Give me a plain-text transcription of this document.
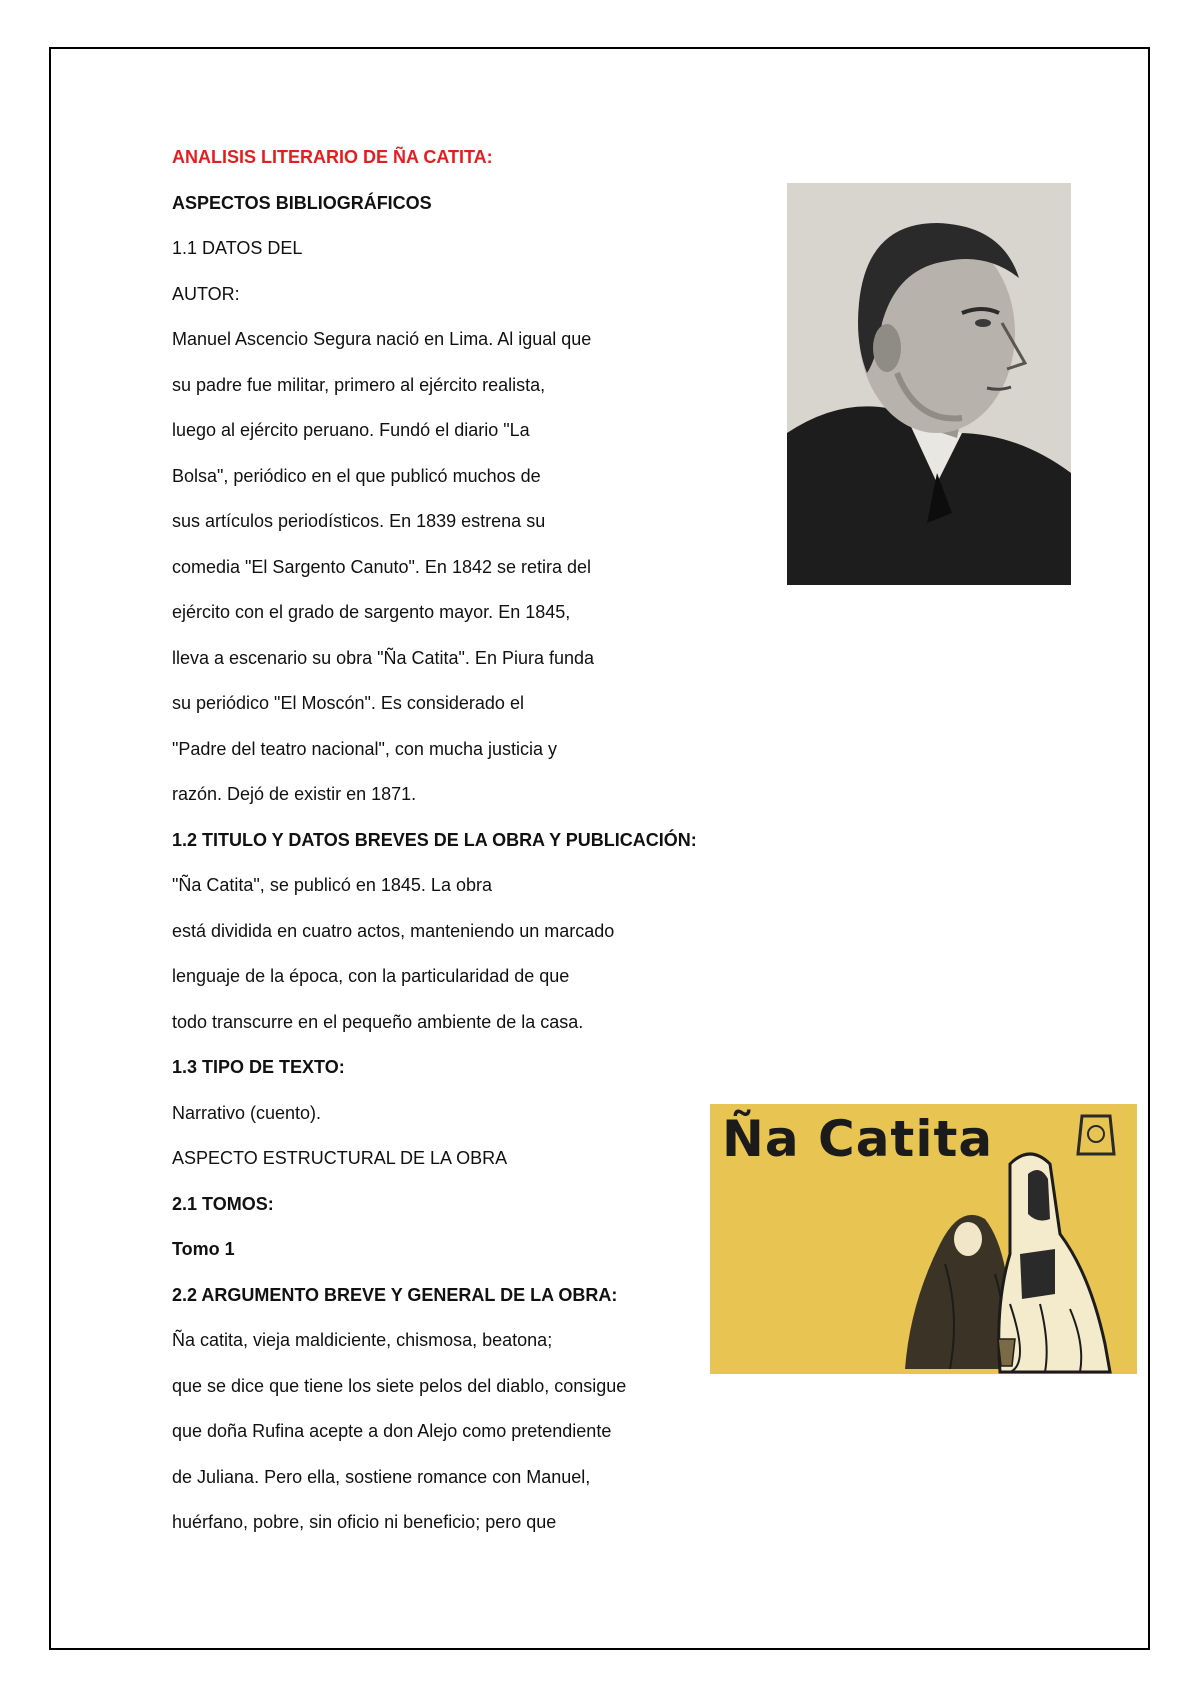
ANALISIS LITERARIO DE ÑA CATITA:
ASPECTOS BIBLIOGRÁFICOS
1.1 DATOS DEL
AUTOR:
Manuel Ascencio Segura nació en Lima. Al igual que
su padre fue militar, primero al ejército realista,
luego al ejército peruano. Fundó el diario "La
Bolsa", periódico en el que publicó muchos de
sus artículos periodísticos. En 1839 estrena su
comedia "El Sargento Canuto". En 1842 se retira del
ejército con el grado de sargento mayor. En 1845,
lleva a escenario su obra "Ña Catita". En Piura funda
su periódico "El Moscón". Es considerado el
"Padre del teatro nacional", con mucha justicia y
razón. Dejó de existir en 1871.
1.2 TITULO Y DATOS BREVES DE LA OBRA Y PUBLICACIÓN:
"Ña Catita", se publicó en 1845. La obra
está dividida en cuatro actos, manteniendo un marcado
lenguaje de la época, con la particularidad de que
todo transcurre en el pequeño ambiente de la casa.
1.3 TIPO DE TEXTO:
Narrativo (cuento).
ASPECTO ESTRUCTURAL DE LA OBRA
2.1 TOMOS:
Tomo 1
2.2 ARGUMENTO BREVE Y GENERAL DE LA OBRA:
Ña catita, vieja maldiciente, chismosa, beatona;
que se dice que tiene los siete pelos del diablo, consigue
que doña Rufina acepte a don Alejo como pretendiente
de Juliana. Pero ella, sostiene romance con Manuel,
huérfano, pobre, sin oficio ni beneficio; pero que
Ña Catita
